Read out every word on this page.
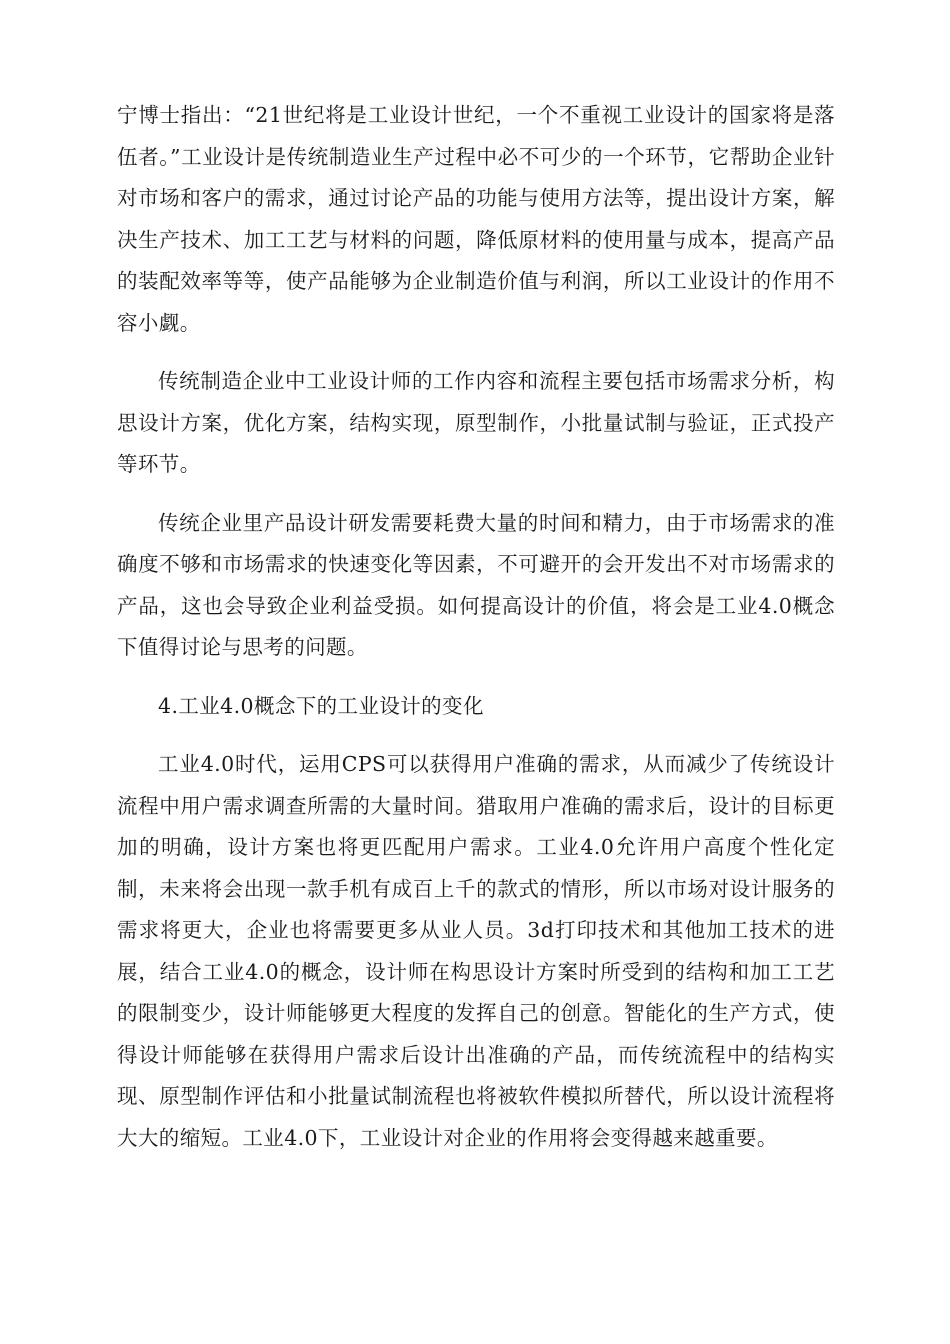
宁博士指出：“21世纪将是工业设计世纪，一个不重视工业设计的国家将是落伍者。”工业设计是传统制造业生产过程中必不可少的一个环节，它帮助企业针对市场和客户的需求，通过讨论产品的功能与使用方法等，提出设计方案，解决生产技术、加工工艺与材料的问题，降低原材料的使用量与成本，提高产品的装配效率等等，使产品能够为企业制造价值与利润，所以工业设计的作用不容小觑。

传统制造企业中工业设计师的工作内容和流程主要包括市场需求分析，构思设计方案，优化方案，结构实现，原型制作，小批量试制与验证，正式投产等环节。

传统企业里产品设计研发需要耗费大量的时间和精力，由于市场需求的准确度不够和市场需求的快速变化等因素，不可避开的会开发出不对市场需求的产品，这也会导致企业利益受损。如何提高设计的价值，将会是工业4.0概念下值得讨论与思考的问题。

4.工业4.0概念下的工业设计的变化

工业4.0时代，运用CPS可以获得用户准确的需求，从而减少了传统设计流程中用户需求调查所需的大量时间。猎取用户准确的需求后，设计的目标更加的明确，设计方案也将更匹配用户需求。工业4.0允许用户高度个性化定制，未来将会出现一款手机有成百上千的款式的情形，所以市场对设计服务的需求将更大，企业也将需要更多从业人员。3d打印技术和其他加工技术的进展，结合工业4.0的概念，设计师在构思设计方案时所受到的结构和加工工艺的限制变少，设计师能够更大程度的发挥自己的创意。智能化的生产方式，使得设计师能够在获得用户需求后设计出准确的产品，而传统流程中的结构实现、原型制作评估和小批量试制流程也将被软件模拟所替代，所以设计流程将大大的缩短。工业4.0下，工业设计对企业的作用将会变得越来越重要。
